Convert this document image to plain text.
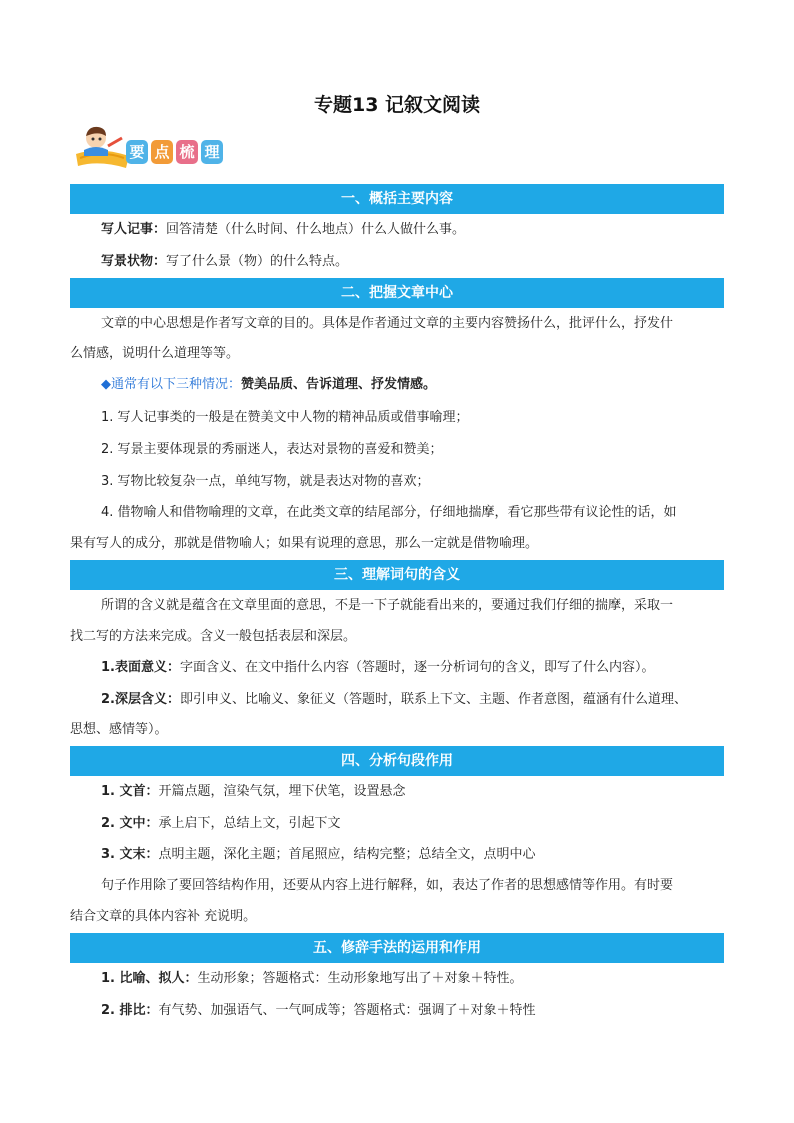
专题13 记叙文阅读
要 点 梳 理
一、概括主要内容
写人记事：回答清楚（什么时间、什么地点）什么人做什么事。
写景状物：写了什么景（物）的什么特点。
二、把握文章中心
文章的中心思想是作者写文章的目的。具体是作者通过文章的主要内容赞扬什么，批评什么，抒发什
么情感，说明什么道理等等。
◆通常有以下三种情况：赞美品质、告诉道理、抒发情感。
1. 写人记事类的一般是在赞美文中人物的精神品质或借事喻理；
2. 写景主要体现景的秀丽迷人，表达对景物的喜爱和赞美；
3. 写物比较复杂一点，单纯写物，就是表达对物的喜欢；
4. 借物喻人和借物喻理的文章，在此类文章的结尾部分，仔细地揣摩，看它那些带有议论性的话，如
果有写人的成分，那就是借物喻人；如果有说理的意思，那么一定就是借物喻理。
三、理解词句的含义
所谓的含义就是蕴含在文章里面的意思，不是一下子就能看出来的，要通过我们仔细的揣摩，采取一
找二写的方法来完成。含义一般包括表层和深层。
1.表面意义：字面含义、在文中指什么内容（答题时，逐一分析词句的含义，即写了什么内容）。
2.深层含义：即引申义、比喻义、象征义（答题时，联系上下文、主题、作者意图，蕴涵有什么道理、
思想、感情等）。
四、分析句段作用
1. 文首：开篇点题，渲染气氛，埋下伏笔，设置悬念
2. 文中：承上启下，总结上文，引起下文
3. 文末：点明主题，深化主题；首尾照应，结构完整；总结全文，点明中心
句子作用除了要回答结构作用，还要从内容上进行解释，如，表达了作者的思想感情等作用。有时要
结合文章的具体内容补 充说明。
五、修辞手法的运用和作用
1. 比喻、拟人：生动形象；答题格式：生动形象地写出了＋对象＋特性。
2. 排比：有气势、加强语气、一气呵成等；答题格式：强调了＋对象＋特性
